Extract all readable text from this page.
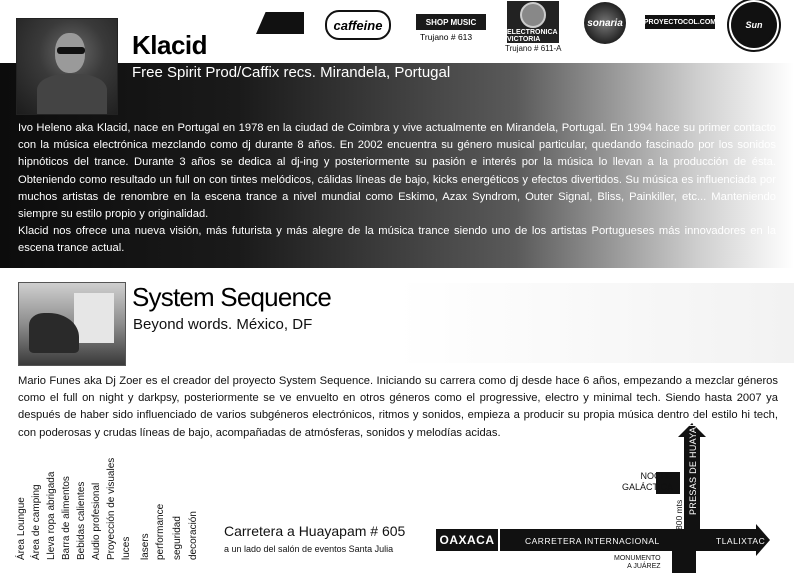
caffeine	SHOP MUSIC
Trujano # 613	ELECTRONICA VICTORIA
Trujano # 611-A
sonaria	PROYECTOCOL.COM	Sun
Klacid
Free Spirit Prod/Caffix recs. Mirandela, Portugal
Ivo Heleno aka Klacid, nace en Portugal en 1978 en la ciudad de Coimbra y vive actualmente en Mirandela, Portugal. En 1994 hace su primer contacto con la música electrónica mezclando como dj durante 8 años. En 2002 encuentra su género musical particular, quedando fascinado por los sonidos hipnóticos del trance. Durante 3 años se dedica al dj-ing y posteriormente su pasión e interés por la música lo llevan a la producción de ésta. Obteniendo como resultado un full on con tintes melódicos, cálidas líneas de bajo, kicks energéticos y efectos divertidos. Su música es influenciada por muchos artistas de renombre en la escena trance a nivel mundial como Eskimo, Azax Syndrom, Outer Signal, Bliss, Painkiller, etc... Manteniendo siempre su estilo propio y originalidad.
Klacid nos ofrece una nueva visión, más futurista y más alegre de la música trance siendo uno de los artistas Portugueses más innovadores en la escena trance actual.
System Sequence
Beyond words. México, DF
Mario Funes aka Dj Zoer es el creador del proyecto System Sequence. Iniciando su carrera como dj desde hace 6 años, empezando a mezclar géneros como el full on night y darkpsy, posteriormente se ve envuelto en otros géneros como el progressive, electro y minimal tech. Siendo hasta 2007 ya después de haber sido influenciado de varios subgéneros electrónicos, ritmos y sonidos, empieza a producir su propia música dentro del estilo hi tech, con poderosas y crudas líneas de bajo, acompañadas de atmósferas, sonidos y melodías acidas.
Área Loungue Área de camping Lleva ropa abrigada Barra de alimentos Bebidas calientes Audio profesional Proyección de visuales luces lasers performance seguridad decoración Carretera a Huayapam # 605
a un lado del salón de eventos Santa Julia
OAXACA	CARRETERA INTERNACIONAL	TLALIXTAC
PRESAS DE HUAYAPAM
800 mts
NOCHE
GALÁCTICA
MONUMENTO
A JUÁREZ
